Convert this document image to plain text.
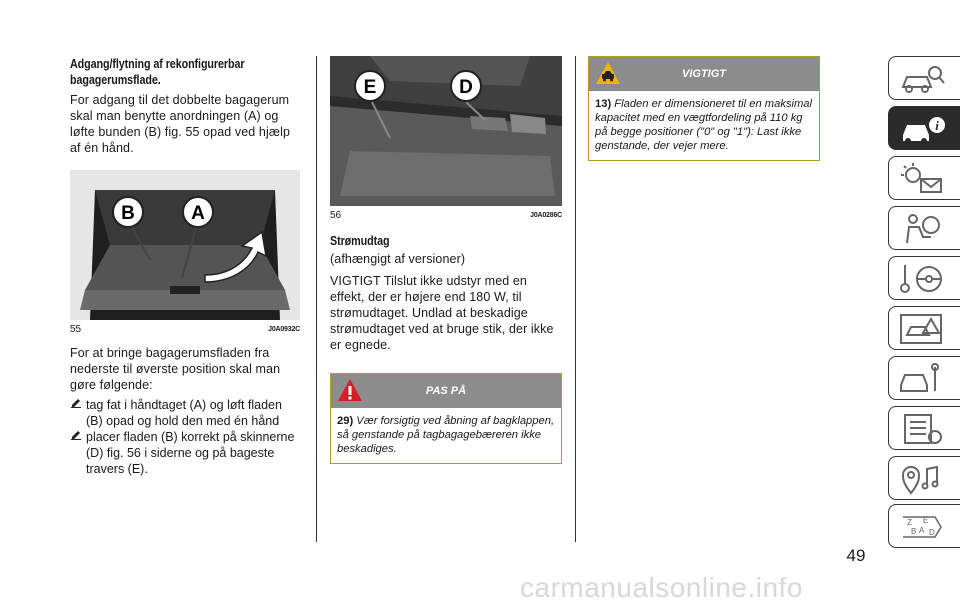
Adgang/flytning af rekonfigurerbar bagagerumsflade.

For adgang til det dobbelte bagagerum skal man benytte anordningen (A) og løfte bunden (B) fig. 55 opad ved hjælp af én hånd.

B	A
55	J0A0932C

For at bringe bagagerumsfladen fra nederste til øverste position skal man gøre følgende:

tag fat i håndtaget (A) og løft fladen (B) opad og hold den med én hånd
placer fladen (B) korrekt på skinnerne (D) fig. 56 i siderne og på bageste travers (E).
E	D
56	J0A0286C
Strømudtag

(afhængigt af versioner)

VIGTIGT Tilslut ikke udstyr med en effekt, der er højere end 180 W, til strømudtaget. Undlad at beskadige strømudtaget ved at bruge stik, der ikke er egnede.

PAS PÅ
29) Vær forsigtig ved åbning af bagklappen, så genstande på tagbagagebæreren ikke beskadiges.
VIGTIGT
13) Fladen er dimensioneret til en maksimal kapacitet med en vægtfordeling på 110 kg på begge positioner ("0" og "1"): Last ikke genstande, der vejer mere.
i
Z E
B A D
49
carmanualsonline.info
